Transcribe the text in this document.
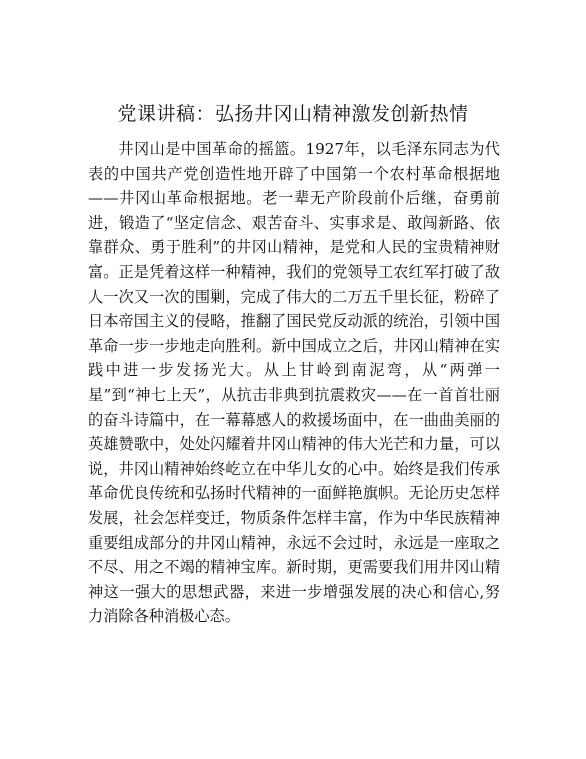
党课讲稿：弘扬井冈山精神激发创新热情

井冈山是中国革命的摇篮。1927年，以毛泽东同志为代表的中国共产党创造性地开辟了中国第一个农村革命根据地——井冈山革命根据地。老一辈无产阶段前仆后继，奋勇前进，锻造了“坚定信念、艰苦奋斗、实事求是、敢闯新路、依靠群众、勇于胜利”的井冈山精神，是党和人民的宝贵精神财富。正是凭着这样一种精神，我们的党领导工农红军打破了敌人一次又一次的围剿，完成了伟大的二万五千里长征，粉碎了日本帝国主义的侵略，推翻了国民党反动派的统治，引领中国革命一步一步地走向胜利。新中国成立之后，井冈山精神在实践中进一步发扬光大。从上甘岭到南泥弯，从“两弹一星”到“神七上天”，从抗击非典到抗震救灾——在一首首壮丽的奋斗诗篇中，在一幕幕感人的救援场面中，在一曲曲美丽的英雄赞歌中，处处闪耀着井冈山精神的伟大光芒和力量，可以说，井冈山精神始终屹立在中华儿女的心中。始终是我们传承革命优良传统和弘扬时代精神的一面鲜艳旗帜。无论历史怎样发展，社会怎样变迁，物质条件怎样丰富，作为中华民族精神重要组成部分的井冈山精神，永远不会过时，永远是一座取之不尽、用之不竭的精神宝库。新时期，更需要我们用井冈山精神这一强大的思想武器，来进一步增强发展的决心和信心,努力消除各种消极心态。
